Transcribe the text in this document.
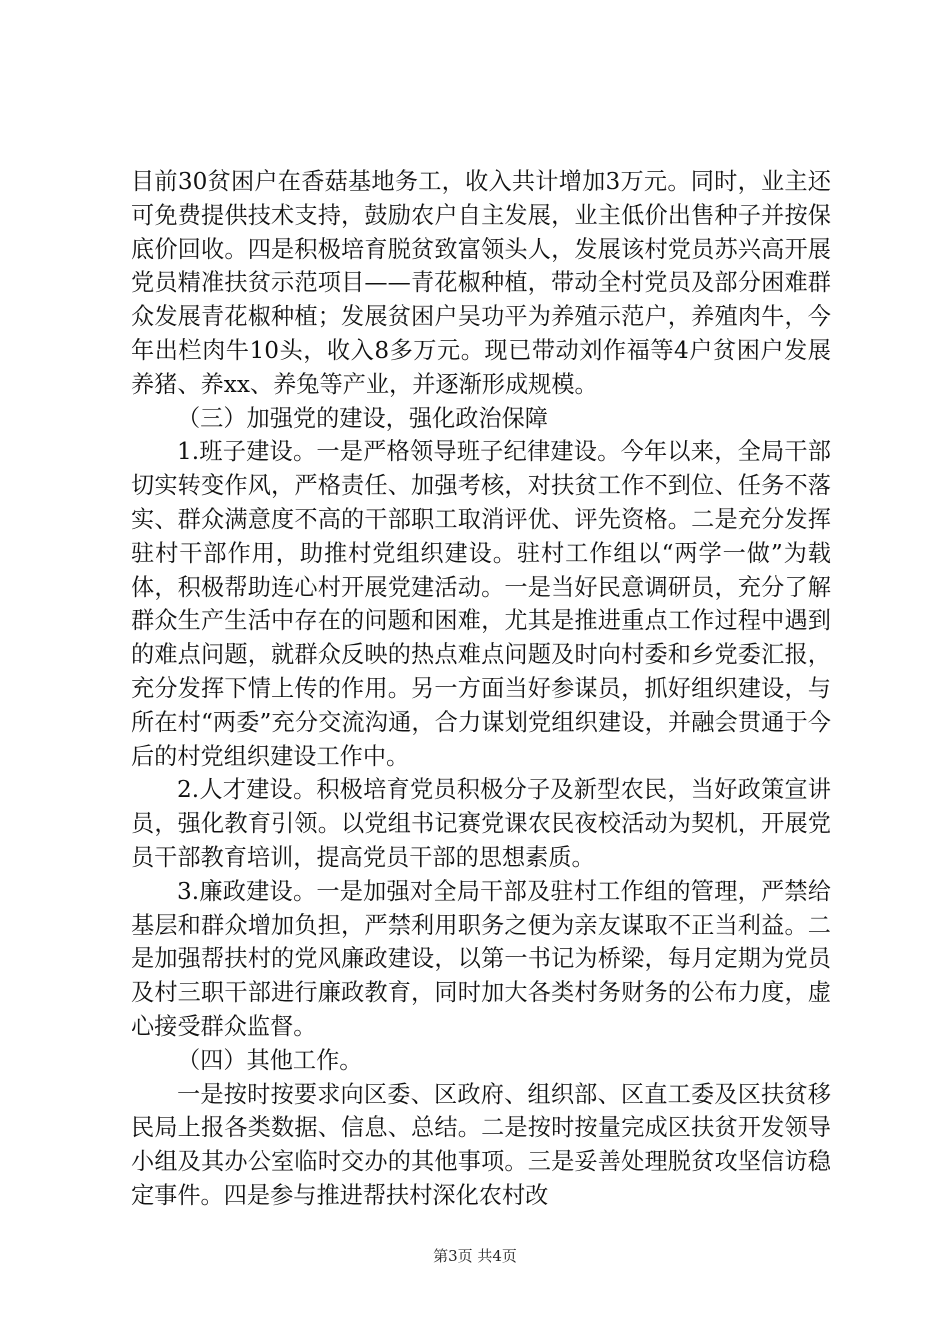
目前30贫困户在香菇基地务工，收入共计增加3万元。同时，业主还可免费提供技术支持，鼓励农户自主发展，业主低价出售种子并按保底价回收。四是积极培育脱贫致富领头人，发展该村党员苏兴高开展党员精准扶贫示范项目——青花椒种植，带动全村党员及部分困难群众发展青花椒种植；发展贫困户吴功平为养殖示范户，养殖肉牛，今年出栏肉牛10头，收入8多万元。现已带动刘作福等4户贫困户发展养猪、养xx、养兔等产业，并逐渐形成规模。

（三）加强党的建设，强化政治保障

1.班子建设。一是严格领导班子纪律建设。今年以来，全局干部切实转变作风，严格责任、加强考核，对扶贫工作不到位、任务不落实、群众满意度不高的干部职工取消评优、评先资格。二是充分发挥驻村干部作用，助推村党组织建设。驻村工作组以“两学一做”为载体，积极帮助连心村开展党建活动。一是当好民意调研员，充分了解群众生产生活中存在的问题和困难，尤其是推进重点工作过程中遇到的难点问题，就群众反映的热点难点问题及时向村委和乡党委汇报，充分发挥下情上传的作用。另一方面当好参谋员，抓好组织建设，与所在村“两委”充分交流沟通，合力谋划党组织建设，并融会贯通于今后的村党组织建设工作中。

2.人才建设。积极培育党员积极分子及新型农民，当好政策宣讲员，强化教育引领。以党组书记赛党课农民夜校活动为契机，开展党员干部教育培训，提高党员干部的思想素质。

3.廉政建设。一是加强对全局干部及驻村工作组的管理，严禁给基层和群众增加负担，严禁利用职务之便为亲友谋取不正当利益。二是加强帮扶村的党风廉政建设，以第一书记为桥梁，每月定期为党员及村三职干部进行廉政教育，同时加大各类村务财务的公布力度，虚心接受群众监督。

（四）其他工作。

一是按时按要求向区委、区政府、组织部、区直工委及区扶贫移民局上报各类数据、信息、总结。二是按时按量完成区扶贫开发领导小组及其办公室临时交办的其他事项。三是妥善处理脱贫攻坚信访稳定事件。四是参与推进帮扶村深化农村改

第3页 共4页
